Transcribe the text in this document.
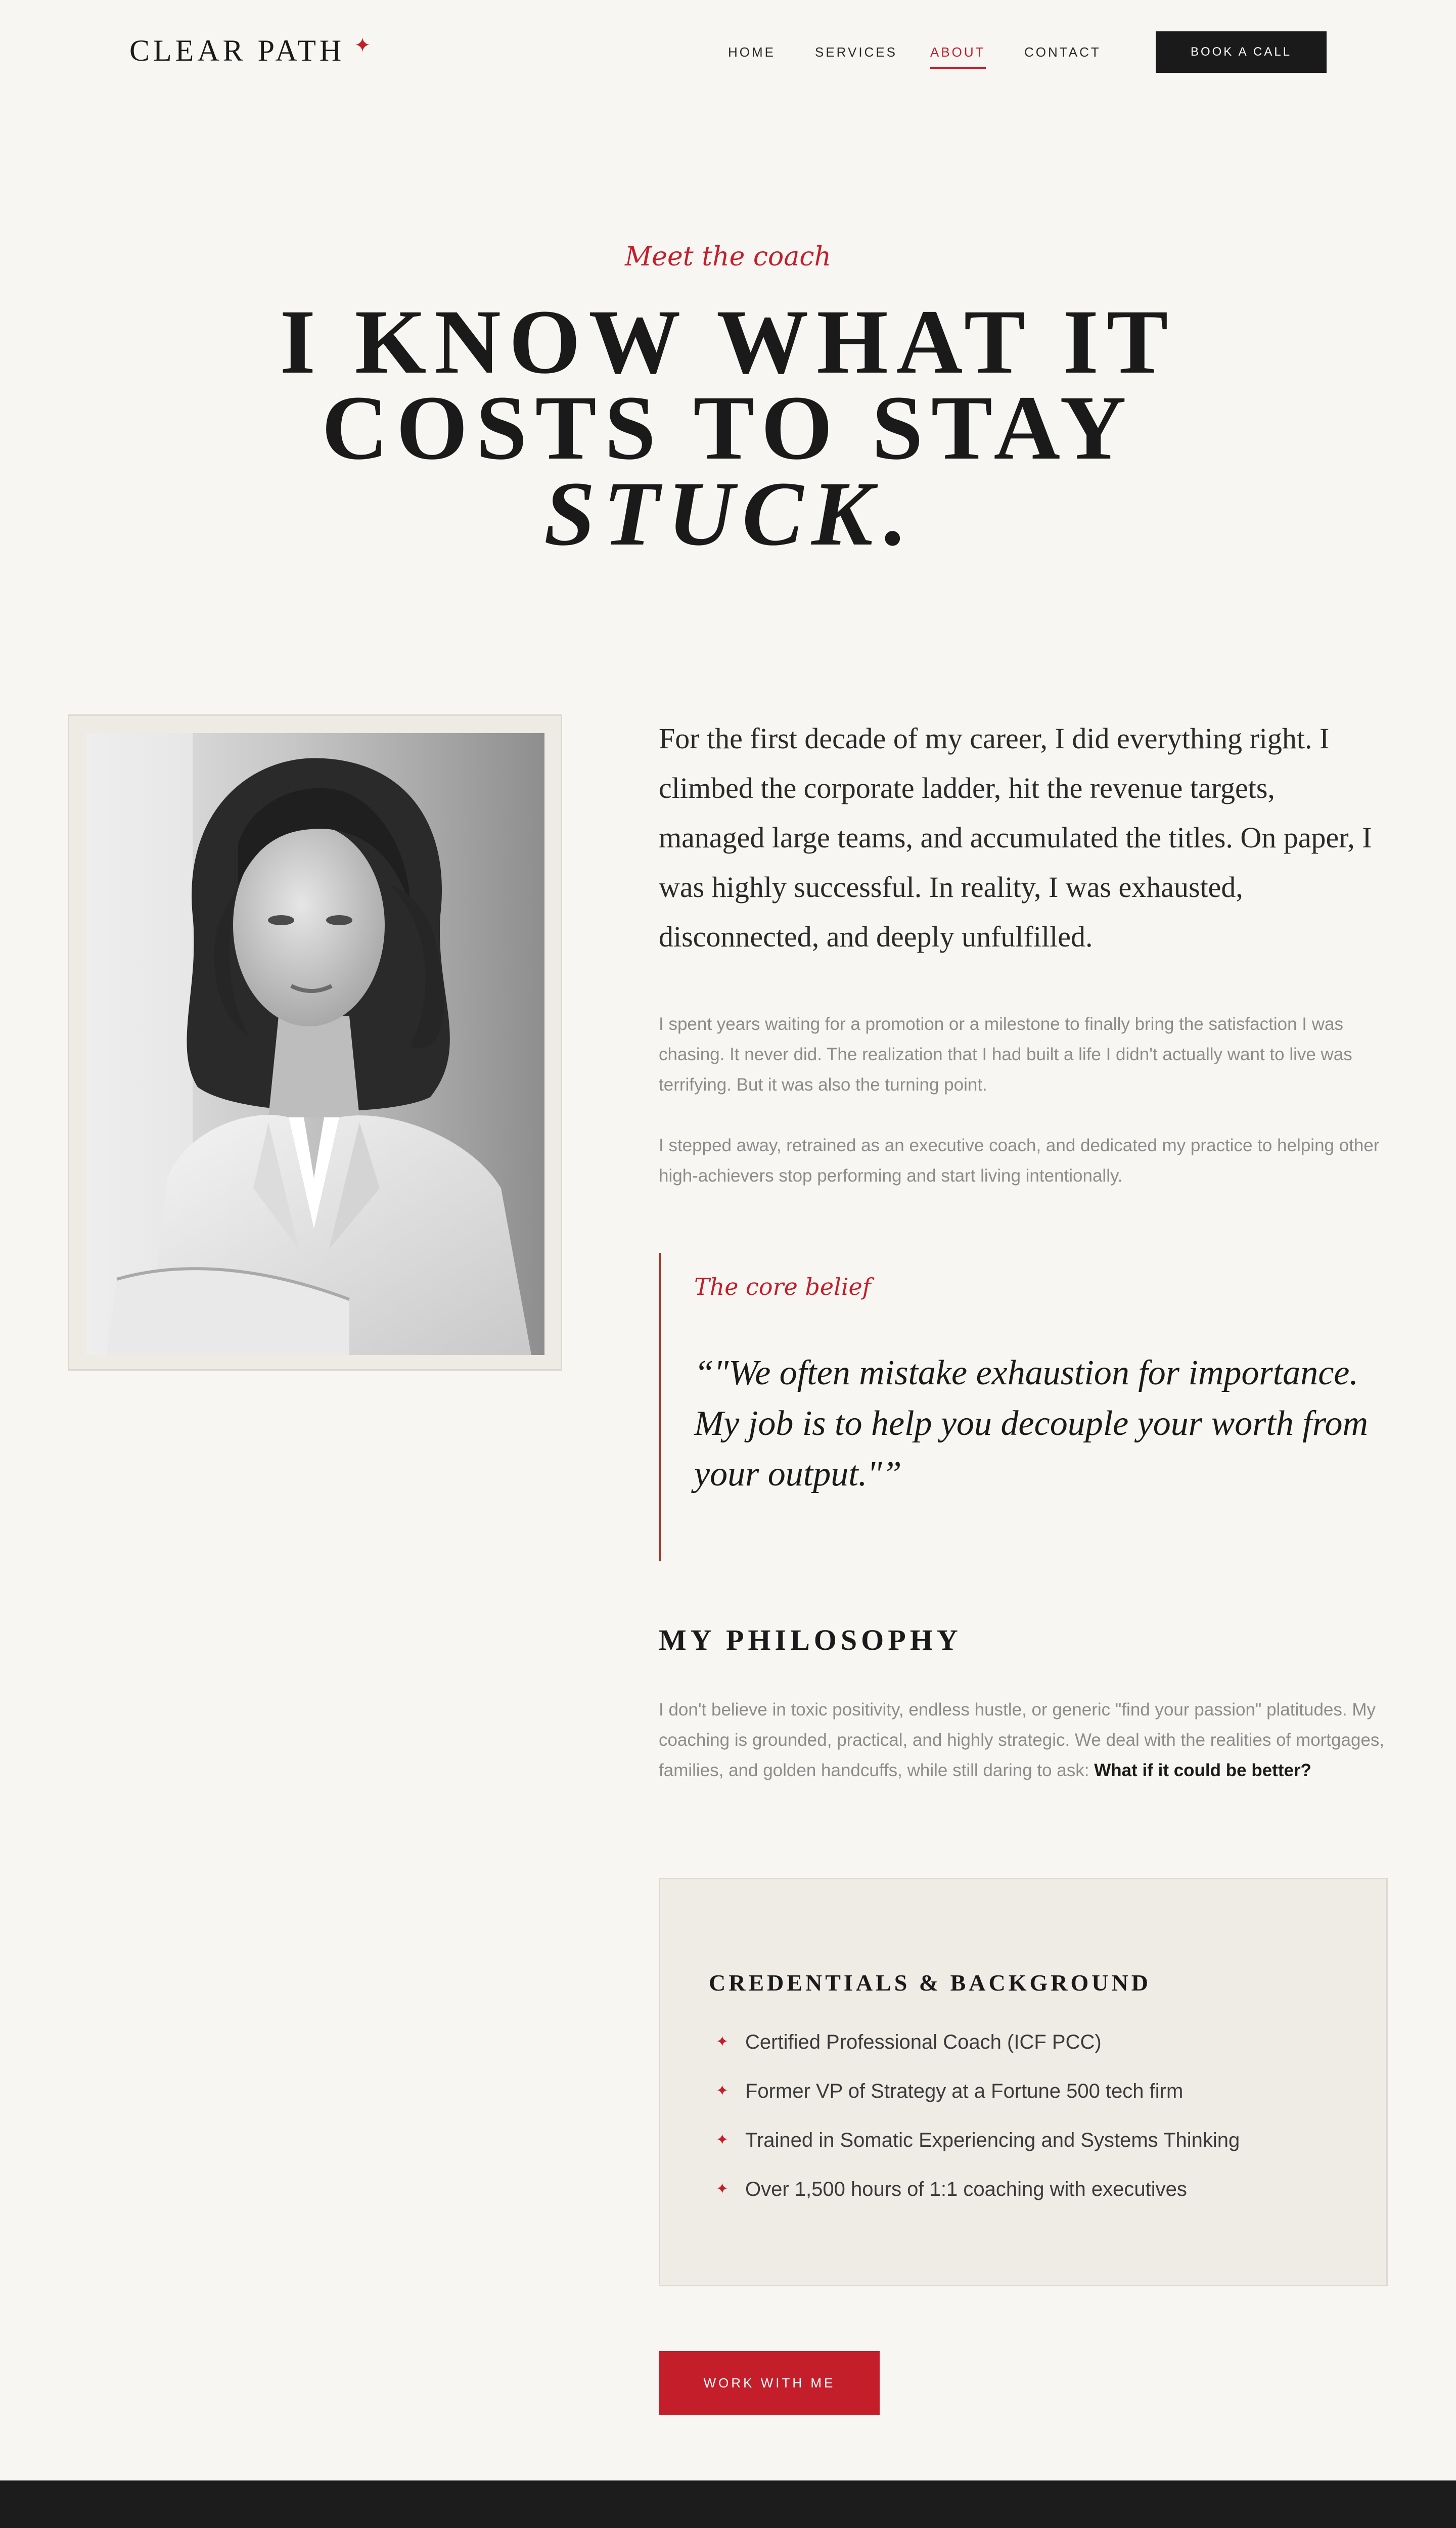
CLEAR PATH ✦	HOME	SERVICES ABOUT	CONTACT	BOOK A CALL
Meet the coach
I KNOW WHAT IT
COSTS TO STAY
STUCK.

For the first decade of my career, I did everything right. I climbed the corporate ladder, hit the revenue targets, managed large teams, and accumulated the titles. On paper, I was highly successful. In reality, I was exhausted, disconnected, and deeply unfulfilled.

I spent years waiting for a promotion or a milestone to finally bring the satisfaction I was chasing. It never did. The realization that I had built a life I didn't actually want to live was terrifying. But it was also the turning point.

I stepped away, retrained as an executive coach, and dedicated my practice to helping other high-achievers stop performing and start living intentionally.

The core belief
“"We often mistake exhaustion for importance. My job is to help you decouple your worth from your output."”
MY PHILOSOPHY

I don't believe in toxic positivity, endless hustle, or generic "find your passion" platitudes. My coaching is grounded, practical, and highly strategic. We deal with the realities of mortgages, families, and golden handcuffs, while still daring to ask: What if it could be better?

CREDENTIALS & BACKGROUND
✦ Certified Professional Coach (ICF PCC)
✦ Former VP of Strategy at a Fortune 500 tech firm
✦ Trained in Somatic Experiencing and Systems Thinking
✦ Over 1,500 hours of 1:1 coaching with executives
WORK WITH ME
